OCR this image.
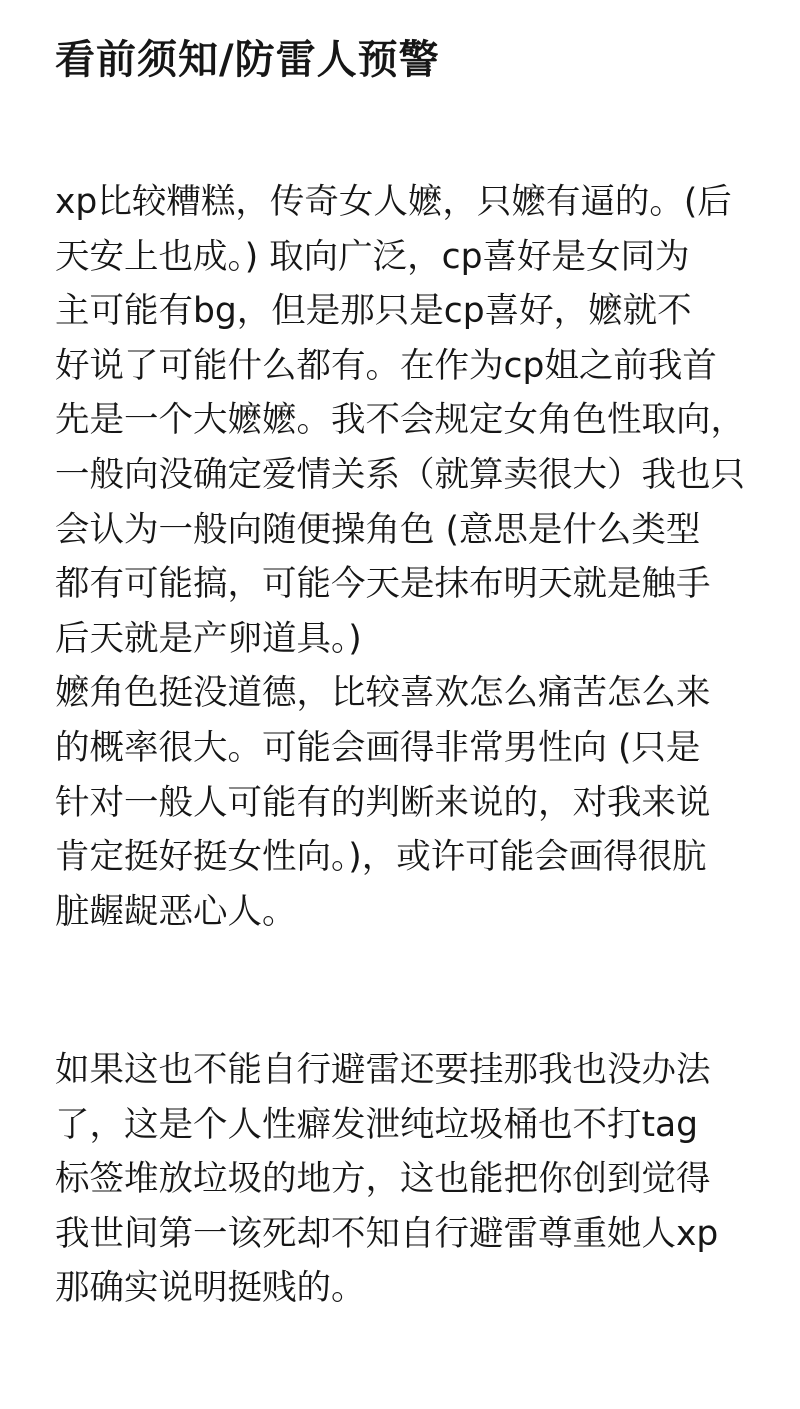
看前须知/防雷人预警
xp比较糟糕，传奇女人嬷，只嬷有逼的。(后
天安上也成。) 取向广泛，cp喜好是女同为
主可能有bg，但是那只是cp喜好，嬷就不
好说了可能什么都有。在作为cp姐之前我首
先是一个大嬷嬷。我不会规定女角色性取向，
一般向没确定爱情关系（就算卖很大）我也只
会认为一般向随便操角色 (意思是什么类型
都有可能搞，可能今天是抹布明天就是触手
后天就是产卵道具。)
嬷角色挺没道德，比较喜欢怎么痛苦怎么来
的概率很大。可能会画得非常男性向 (只是
针对一般人可能有的判断来说的，对我来说
肯定挺好挺女性向。)，或许可能会画得很肮
脏龌龊恶心人。
如果这也不能自行避雷还要挂那我也没办法
了，这是个人性癖发泄纯垃圾桶也不打tag
标签堆放垃圾的地方，这也能把你创到觉得
我世间第一该死却不知自行避雷尊重她人xp
那确实说明挺贱的。
